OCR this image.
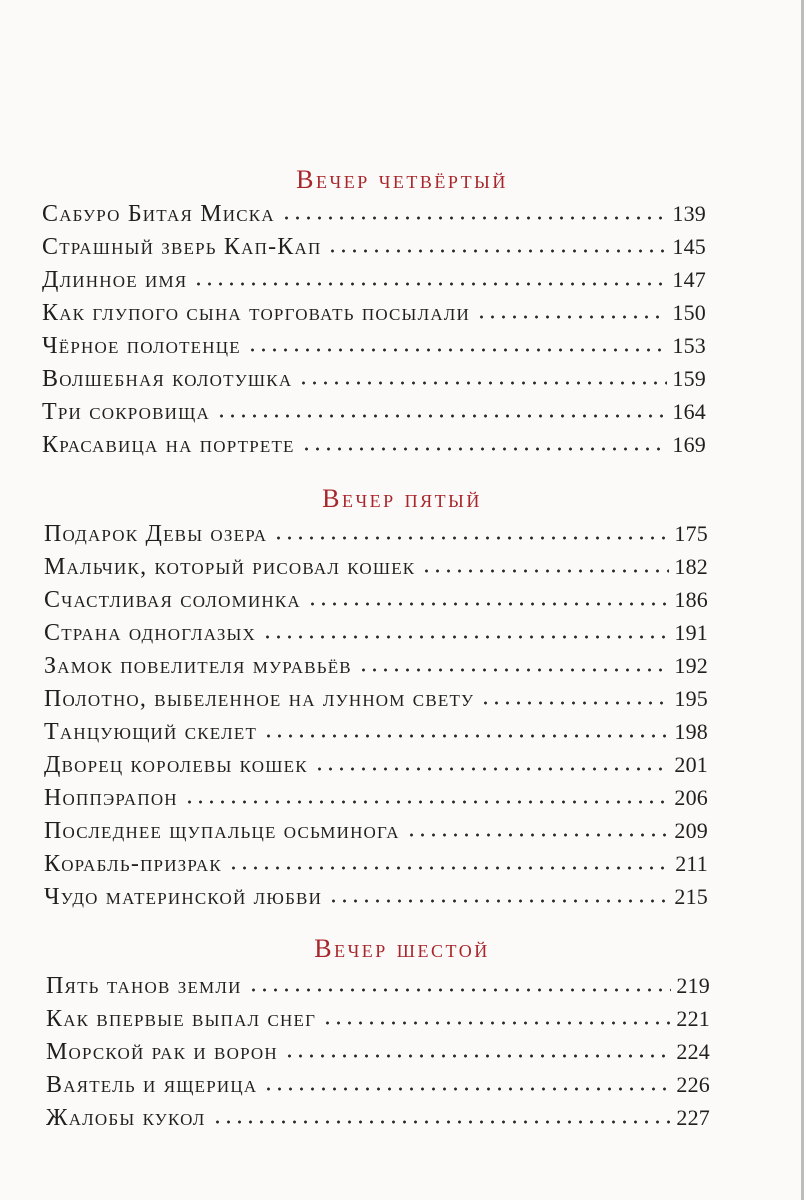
Вечер четвёртый
Сабуро Битая Миска	139
Страшный зверь Кап-Кап	145
Длинное имя	147
Как глупого сына торговать посылали	150
Чёрное полотенце	153
Волшебная колотушка	159
Три сокровища	164
Красавица на портрете	169
Вечер пятый
Подарок Девы озера	175
Мальчик, который рисовал кошек	182
Счастливая соломинка	186
Страна одноглазых	191
Замок повелителя муравьёв	192
Полотно, выбеленное на лунном свету	195
Танцующий скелет	198
Дворец королевы кошек	201
Ноппэрапон	206
Последнее щупальце осьминога	209
Корабль-призрак	211
Чудо материнской любви	215
Вечер шестой
Пять танов земли	219
Как впервые выпал снег	221
Морской рак и ворон	224
Ваятель и ящерица	226
Жалобы кукол	227
